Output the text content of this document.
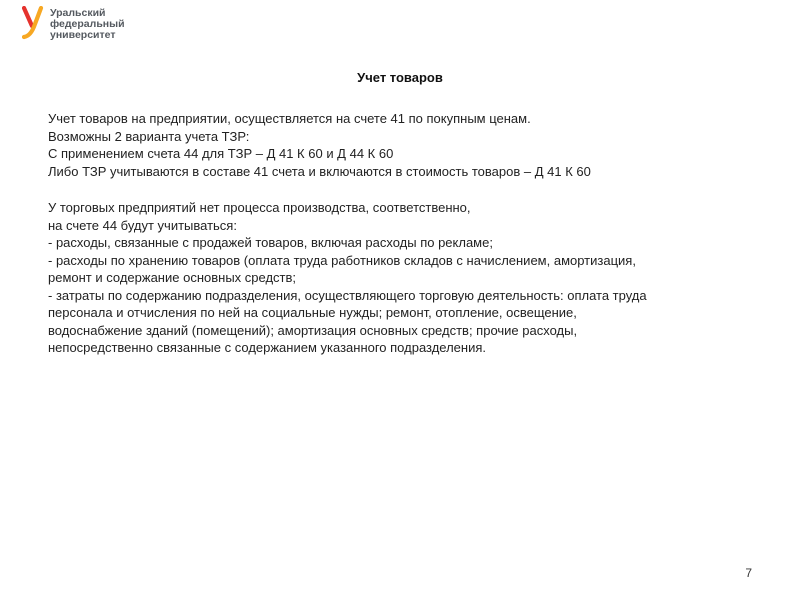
Уральский
федеральный
университет
Учет товаров

Учет товаров на предприятии, осуществляется на счете 41 по покупным ценам.

Возможны 2 варианта учета ТЗР:

С применением счета 44 для ТЗР – Д 41 К 60 и Д 44 К 60

Либо ТЗР учитываются в составе 41 счета и включаются в стоимость товаров – Д 41 К 60

У торговых предприятий нет процесса производства, соответственно,

на счете 44 будут учитываться:

- расходы, связанные с продажей товаров, включая расходы по рекламе;

- расходы по хранению товаров (оплата труда работников складов с начислением, амортизация,

ремонт и содержание основных средств;

- затраты по содержанию подразделения, осуществляющего торговую деятельность: оплата труда

персонала и отчисления по ней на социальные нужды; ремонт, отопление, освещение,

водоснабжение зданий (помещений); амортизация основных средств; прочие расходы,

непосредственно связанные с содержанием указанного подразделения.

7
